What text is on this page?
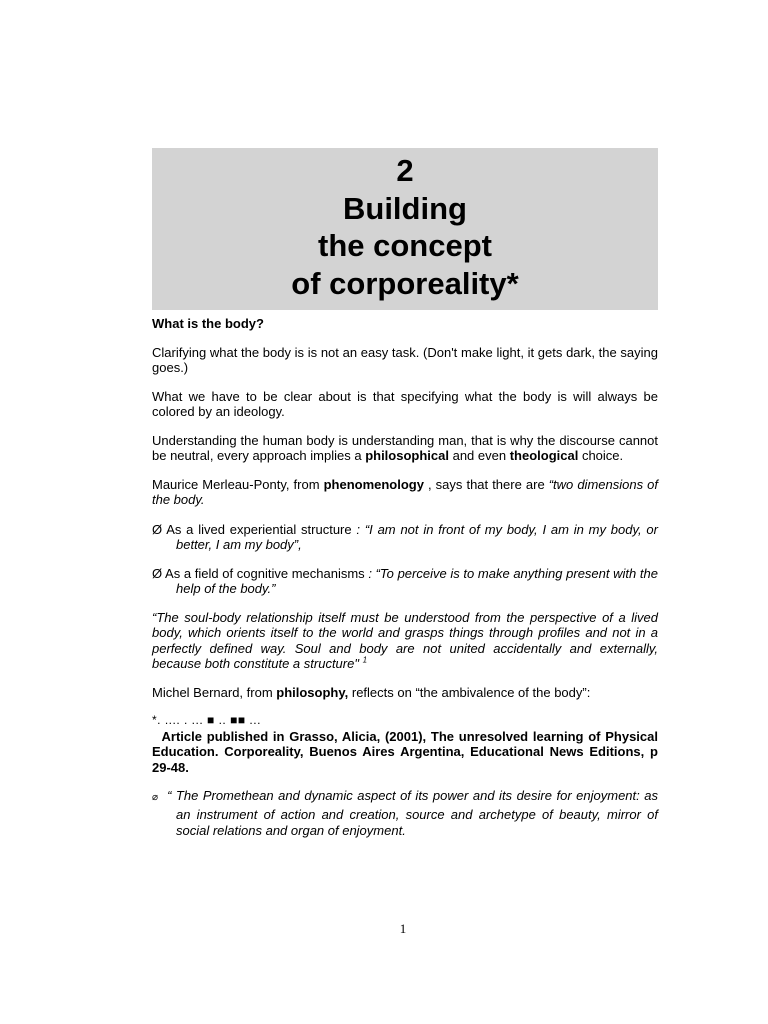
2
Building
the concept
of corporeality*

What is the body?

Clarifying what the body is is not an easy task. (Don't make light, it gets dark, the saying goes.)

What we have to be clear about is that specifying what the body is will always be colored by an ideology.

Understanding the human body is understanding man, that is why the discourse cannot be neutral, every approach implies a philosophical and even theological choice.

Maurice Merleau-Ponty, from phenomenology , says that there are “two dimensions of the body.

Ø As a lived experiential structure : “I am not in front of my body, I am in my body, or better, I am my body”,

Ø As a field of cognitive mechanisms : “To perceive is to make anything present with the help of the body.”

“The soul-body relationship itself must be understood from the perspective of a lived body, which orients itself to the world and grasps things through profiles and not in a perfectly defined way. Soul and body are not united accidentally and externally, because both constitute a structure" $^1$

Michel Bernard, from philosophy, reflects on “the ambivalence of the body”:

*. .... . ... ■ .. ■■ ...

Article published in Grasso, Alicia, (2001), The unresolved learning of Physical Education. Corporeality, Buenos Aires Argentina, Educational News Editions, p 29-48.

⌀ “ The Promethean and dynamic aspect of its power and its desire for enjoyment: as an instrument of action and creation, source and archetype of beauty, mirror of social relations and organ of enjoyment.

1
